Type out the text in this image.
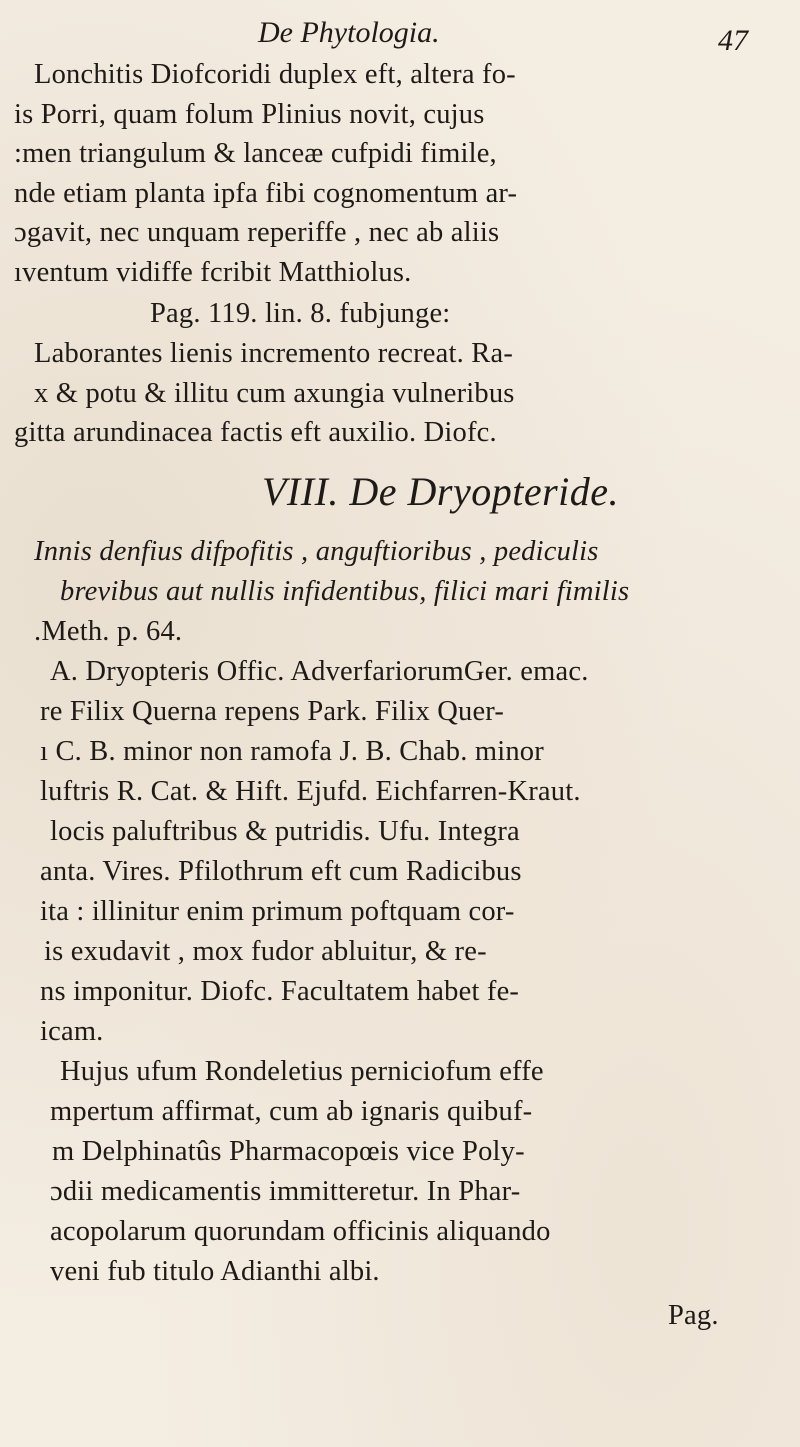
De Phytologia.	47
Lonchitis Diofcoridi duplex eft, altera fo-
is Porri, quam folum Plinius novit, cujus
:men triangulum & lanceæ cufpidi fimile,
nde etiam planta ipfa fibi cognomentum ar-
ɔgavit, nec unquam reperiffe , nec ab aliis
ıventum vidiffe fcribit Matthiolus.
Pag. 119. lin. 8. fubjunge:
Laborantes lienis incremento recreat. Ra-
x & potu & illitu cum axungia vulneribus
gitta arundinacea factis eft auxilio. Diofc.
VIII. De Dryopteride.
Innis denfius difpofitis , anguftioribus , pediculis
brevibus aut nullis infidentibus, filici mari fimilis
.Meth. p. 64.
A. Dryopteris Offic. AdverfariorumGer. emac.
re Filix Querna repens Park. Filix Quer-
ı C. B. minor non ramofa J. B. Chab. minor
luftris R. Cat. & Hift. Ejufd. Eichfarren-Kraut.
locis paluftribus & putridis. Ufu. Integra
anta. Vires. Pfilothrum eft cum Radicibus
ita : illinitur enim primum poftquam cor-
is exudavit , mox fudor abluitur, & re-
ns imponitur. Diofc. Facultatem habet fe-
icam.
Hujus ufum Rondeletius perniciofum effe
mpertum affirmat, cum ab ignaris quibuf-
m Delphinatûs Pharmacopœis vice Poly-
ɔdii medicamentis immitteretur. In Phar-
acopolarum quorundam officinis aliquando
veni fub titulo Adianthi albi.
Pag.
